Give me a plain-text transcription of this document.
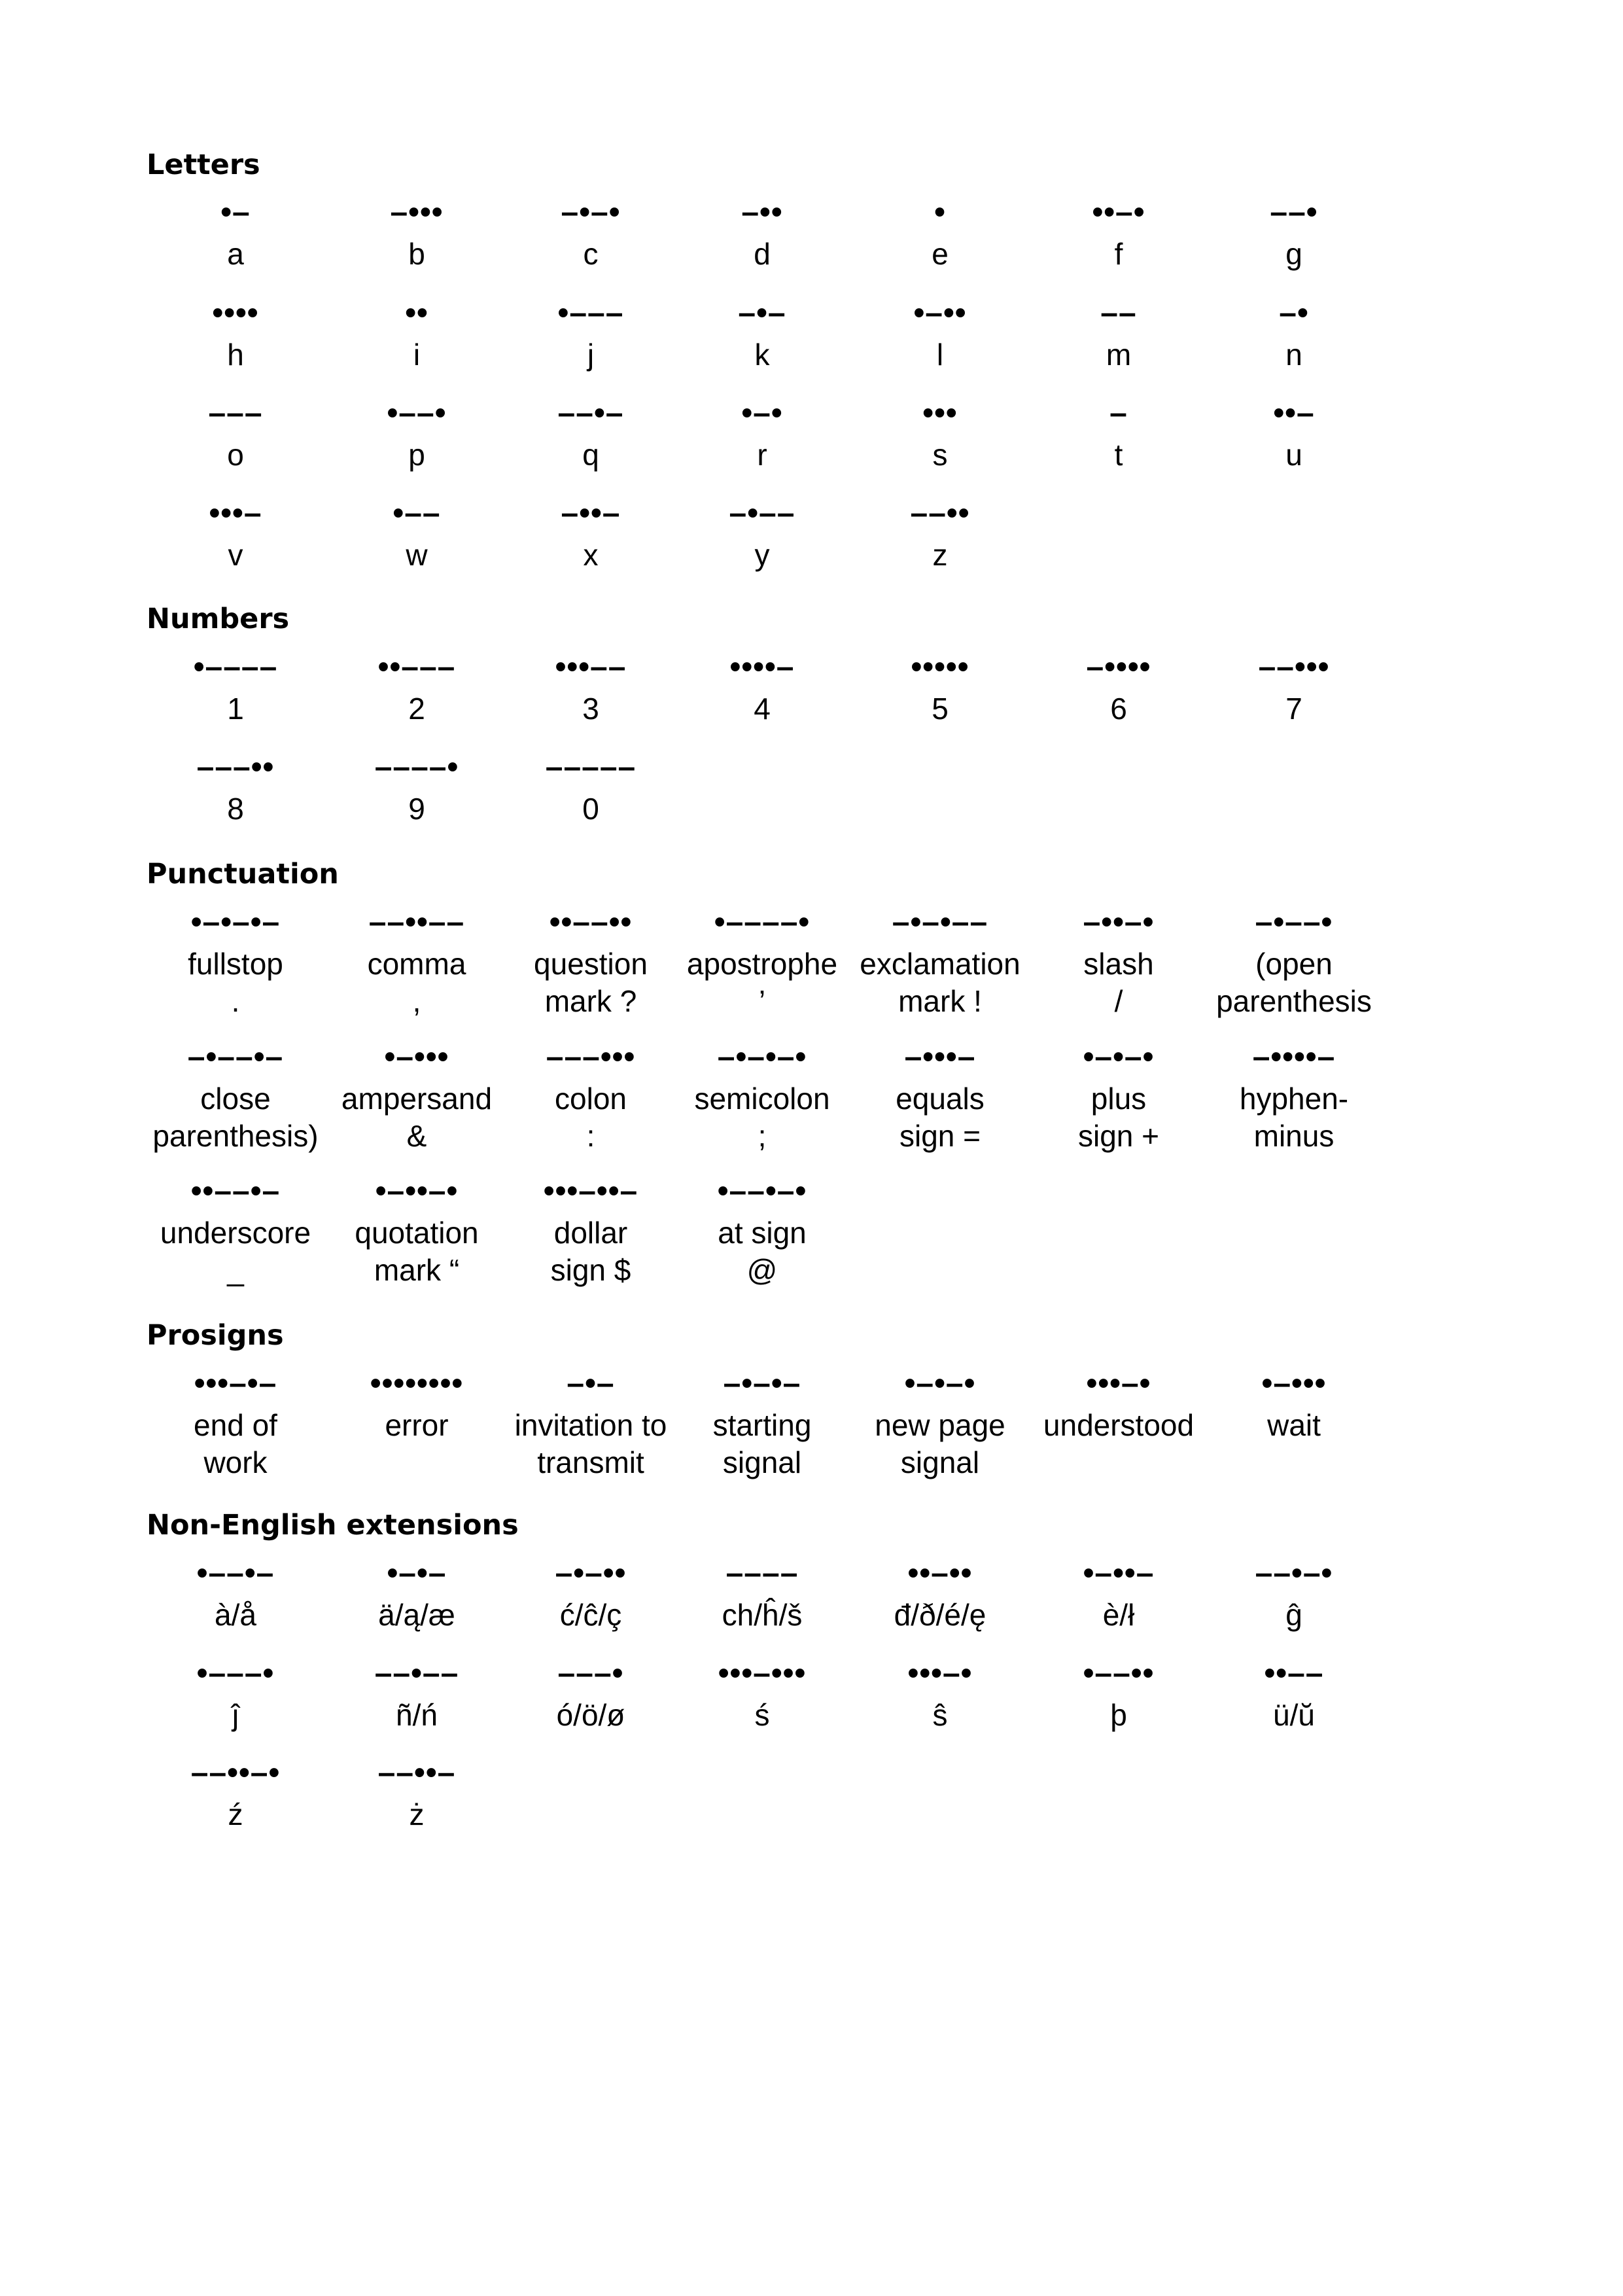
Letters
Numbers
Punctuation
Prosigns
Non-English extensions
•–
a
–•••
b
–•–•
c
–••
d
•
e
••–•
f
––•
g
••••
h
••
i
•–––
j
–•–
k
•–••
l
––
m
–•
n
–––
o
•––•
p
––•–
q
•–•
r
•••
s
–
t
••–
u
•••–
v
•––
w
–••–
x
–•––
y
––••
z
•––––
1
••–––
2
•••––
3
••••–
4
•••••
5
–••••
6
––•••
7
–––••
8
––––•
9
–––––
0
•–•–•–
fullstop
.
––••––
comma
,
••––••
question
mark ?
•––––•
apostrophe
’
–•–•––
exclamation
mark !
–••–•
slash
/
–•––•
(open
parenthesis
–•––•–
close
parenthesis)
•–•••
ampersand
&
–––•••
colon
:
–•–•–•
semicolon
;
–•••–
equals
sign =
•–•–•
plus
sign +
–••••–
hyphen-
minus
••––•–
underscore
_
•–••–•
quotation
mark “
•••–••–
dollar
sign $
•––•–•
at sign
@
•••–•–
end of
work
••••••••
error
–•–
invitation to
transmit
–•–•–
starting
signal
•–•–•
new page
signal
•••–•
understood
•–•••
wait
•––•–
à/å
•–•–
ä/ą/æ
–•–••
ć/ĉ/ç
––––
ch/ĥ/š
••–••
đ/ð/é/ę
•–••–
è/ł
––•–•
ĝ
•–––•
ĵ
––•––
ñ/ń
–––•
ó/ö/ø
•••–•••
ś
•••–•
ŝ
•––••
þ
••––
ü/ŭ
––••–•
ź
––••–
ż
